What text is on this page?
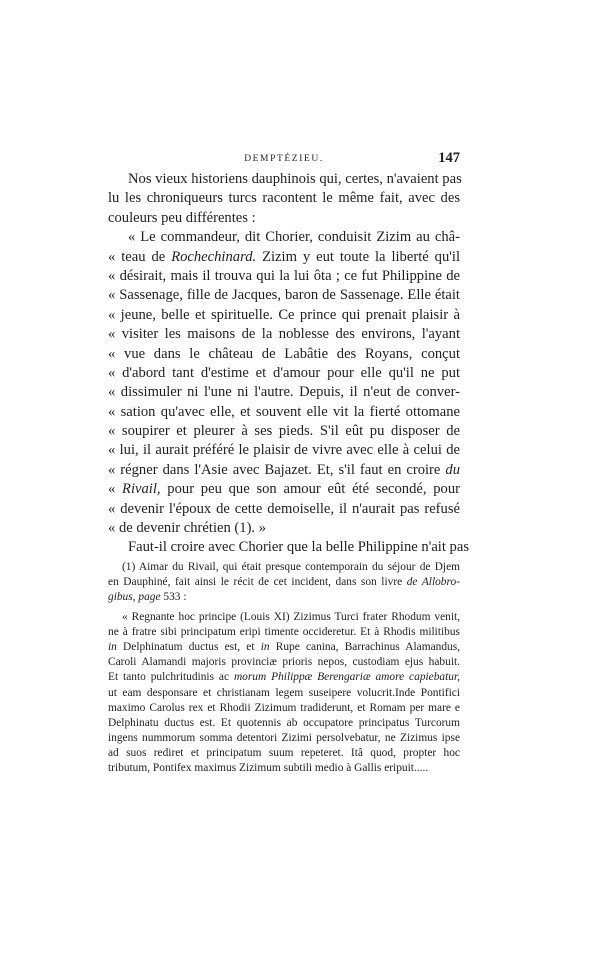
DEMPTÉZIEU.	147
Nos vieux historiens dauphinois qui, certes, n'avaient pas
lu les chroniqueurs turcs racontent le même fait, avec des
couleurs peu différentes :
« Le commandeur, dit Chorier, conduisit Zizim au châ-
« teau de Rochechinard. Zizim y eut toute la liberté qu'il
« désirait, mais il trouva qui la lui ôta ; ce fut Philippine de
« Sassenage, fille de Jacques, baron de Sassenage. Elle était
« jeune, belle et spirituelle. Ce prince qui prenait plaisir à
« visiter les maisons de la noblesse des environs, l'ayant
« vue dans le château de Labâtie des Royans, conçut
« d'abord tant d'estime et d'amour pour elle qu'il ne put
« dissimuler ni l'une ni l'autre. Depuis, il n'eut de conver-
« sation qu'avec elle, et souvent elle vit la fierté ottomane
« soupirer et pleurer à ses pieds. S'il eût pu disposer de
« lui, il aurait préféré le plaisir de vivre avec elle à celui de
« régner dans l'Asie avec Bajazet. Et, s'il faut en croire du
« Rivail, pour peu que son amour eût été secondé, pour
« devenir l'époux de cette demoiselle, il n'aurait pas refusé
« de devenir chrétien (1). »
Faut-il croire avec Chorier que la belle Philippine n'ait pas
(1) Aimar du Rivail, qui était presque contemporain du séjour de Djem
en Dauphiné, fait ainsi le récit de cet incident, dans son livre de Allobro-
gibus, page 533 :
« Regnante hoc principe (Louis XI) Zizimus Turci frater Rhodum venit,
ne à fratre sibi principatum eripi timente occideretur. Et à Rhodis militibus
in Delphinatum ductus est, et in Rupe canina, Barrachinus Alamandus,
Caroli Alamandi majoris provinciæ prioris nepos, custodiam ejus habuit.
Et tanto pulchritudinis ac morum Philippæ Berengariæ amore capiebatur,
ut eam desponsare et christianam legem suseipere volucrit.Inde Pontifici
maximo Carolus rex et Rhodii Zizimum tradiderunt, et Romam per mare e
Delphinatu ductus est. Et quotennis ab occupatore principatus Turcorum
ingens nummorum somma detentori Zizimi persolvebatur, ne Zizimus ipse
ad suos rediret et principatum suum repeteret. Itâ quod, propter hoc
tributum, Pontifex maximus Zizimum subtili medio à Gallis eripuit.....
